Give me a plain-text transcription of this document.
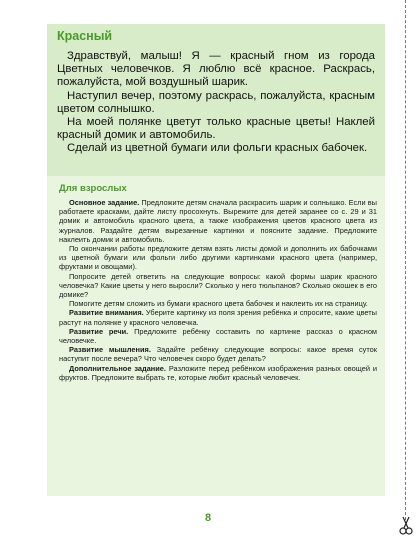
Красный

Здравствуй, малыш! Я — красный гном из города Цветных человечков. Я люблю всё красное. Раскрась, пожалуйста, мой воздушный шарик.

Наступил вечер, поэтому раскрась, пожалуйста, красным цветом солнышко.

На моей полянке цветут только красные цветы! Наклей красный домик и автомобиль.

Сделай из цветной бумаги или фольги красных бабочек.

Для взрослых

Основное задание. Предложите детям сначала раскрасить шарик и солнышко. Если вы работаете красками, дайте листу просохнуть. Вырежите для детей заранее со с. 29 и 31 домик и автомобиль красного цвета, а также изображения цветов красного цвета из журналов. Раздайте детям вырезанные картинки и поясните задание. Предложите наклеить домик и автомобиль.

По окончании работы предложите детям взять листы домой и дополнить их бабочками из цветной бумаги или фольги либо другими картинками красного цвета (например, фруктами и овощами).

Попросите детей ответить на следующие вопросы: какой формы шарик красного человечка? Какие цветы у него выросли? Сколько у него тюльпанов? Сколько окошек в его домике?

Помогите детям сложить из бумаги красного цвета бабочек и наклеить их на страницу.

Развитие внимания. Уберите картинку из поля зрения ребёнка и спросите, какие цветы растут на полянке у красного человечка.

Развитие речи. Предложите ребёнку составить по картинке рассказ о красном человечке.

Развитие мышления. Задайте ребёнку следующие вопросы: какое время суток наступит после вечера? Что человечек скоро будет делать?

Дополнительное задание. Разложите перед ребёнком изображения разных овощей и фруктов. Предложите выбрать те, которые любит красный человечек.

8
